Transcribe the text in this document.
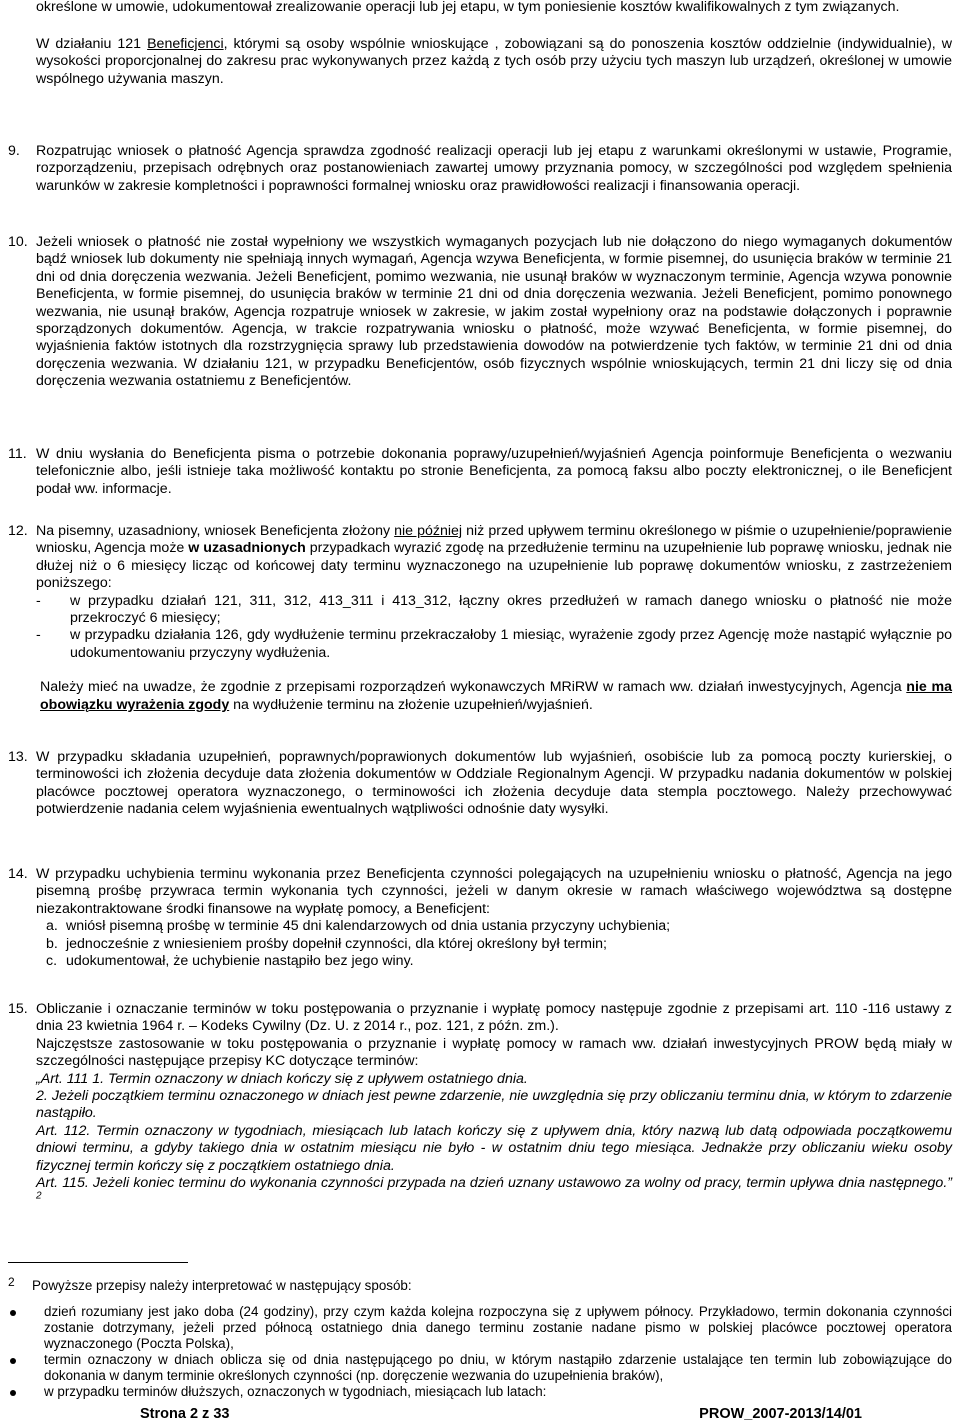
określone w umowie, udokumentował zrealizowanie operacji lub jej etapu, w tym poniesienie kosztów kwalifikowalnych z tym związanych.

W działaniu 121 Beneficjenci, którymi są osoby wspólnie wnioskujące , zobowiązani są do ponoszenia kosztów oddzielnie (indywidualnie), w wysokości proporcjonalnej do zakresu prac wykonywanych przez każdą z tych osób przy użyciu tych maszyn lub urządzeń, określonej w umowie wspólnego używania maszyn.

9.	Rozpatrując wniosek o płatność Agencja sprawdza zgodność realizacji operacji lub jej etapu z warunkami określonymi w ustawie, Programie, rozporządzeniu, przepisach odrębnych oraz postanowieniach zawartej umowy przyznania pomocy, w szczególności pod względem spełnienia warunków w zakresie kompletności i poprawności formalnej wniosku oraz prawidłowości realizacji i finansowania operacji.

10. Jeżeli wniosek o płatność nie został wypełniony we wszystkich wymaganych pozycjach lub nie dołączono do niego wymaganych dokumentów bądź wniosek lub dokumenty nie spełniają innych wymagań, Agencja wzywa Beneficjenta, w formie pisemnej, do usunięcia braków w terminie 21 dni od dnia doręczenia wezwania. Jeżeli Beneficjent, pomimo wezwania, nie usunął braków w wyznaczonym terminie, Agencja wzywa ponownie Beneficjenta, w formie pisemnej, do usunięcia braków w terminie 21 dni od dnia doręczenia wezwania. Jeżeli Beneficjent, pomimo ponownego wezwania, nie usunął braków, Agencja rozpatruje wniosek w zakresie, w jakim został wypełniony oraz na podstawie dołączonych i poprawnie sporządzonych dokumentów. Agencja, w trakcie rozpatrywania wniosku o płatność, może wzywać Beneficjenta, w formie pisemnej, do wyjaśnienia faktów istotnych dla rozstrzygnięcia sprawy lub przedstawienia dowodów na potwierdzenie tych faktów, w terminie 21 dni od dnia doręczenia wezwania. W działaniu 121, w przypadku Beneficjentów, osób fizycznych wspólnie wnioskujących, termin 21 dni liczy się od dnia doręczenia wezwania ostatniemu z Beneficjentów.

11. W dniu wysłania do Beneficjenta pisma o potrzebie dokonania poprawy/uzupełnień/wyjaśnień Agencja poinformuje Beneficjenta o wezwaniu telefonicznie albo, jeśli istnieje taka możliwość kontaktu po stronie Beneficjenta, za pomocą faksu albo poczty elektronicznej, o ile Beneficjent podał ww. informacje.

12. Na pisemny, uzasadniony, wniosek Beneficjenta złożony nie później niż przed upływem terminu określonego w piśmie o uzupełnienie/poprawienie wniosku, Agencja może w uzasadnionych przypadkach wyrazić zgodę na przedłużenie terminu na uzupełnienie lub poprawę wniosku, jednak nie dłużej niż o 6 miesięcy licząc od końcowej daty terminu wyznaczonego na uzupełnienie lub poprawę dokumentów wniosku, z zastrzeżeniem poniższego:

- w przypadku działań 121, 311, 312, 413_311 i 413_312, łączny okres przedłużeń w ramach danego wniosku o płatność nie może przekroczyć 6 miesięcy;
- w przypadku działania 126, gdy wydłużenie terminu przekraczałoby 1 miesiąc, wyrażenie zgody przez Agencję może nastąpić wyłącznie po udokumentowaniu przyczyny wydłużenia.

Należy mieć na uwadze, że zgodnie z przepisami rozporządzeń wykonawczych MRiRW w ramach ww. działań inwestycyjnych, Agencja nie ma obowiązku wyrażenia zgody na wydłużenie terminu na złożenie uzupełnień/wyjaśnień.

13. W przypadku składania uzupełnień, poprawnych/poprawionych dokumentów lub wyjaśnień, osobiście lub za pomocą poczty kurierskiej, o terminowości ich złożenia decyduje data złożenia dokumentów w Oddziale Regionalnym Agencji. W przypadku nadania dokumentów w polskiej placówce pocztowej operatora wyznaczonego, o terminowości ich złożenia decyduje data stempla pocztowego. Należy przechowywać potwierdzenie nadania celem wyjaśnienia ewentualnych wątpliwości odnośnie daty wysyłki.

14. W przypadku uchybienia terminu wykonania przez Beneficjenta czynności polegających na uzupełnieniu wniosku o płatność, Agencja na jego pisemną prośbę przywraca termin wykonania tych czynności, jeżeli w danym okresie w ramach właściwego województwa są dostępne niezakontraktowane środki finansowe na wypłatę pomocy, a Beneficjent:

a. wniósł pisemną prośbę w terminie 45 dni kalendarzowych od dnia ustania przyczyny uchybienia;
b. jednocześnie z wniesieniem prośby dopełnił czynności, dla której określony był termin;
c. udokumentował, że uchybienie nastąpiło bez jego winy.
15. Obliczanie i oznaczanie terminów w toku postępowania o przyznanie i wypłatę pomocy następuje zgodnie z przepisami art. 110 -116 ustawy z dnia 23 kwietnia 1964 r. – Kodeks Cywilny (Dz. U. z 2014 r., poz. 121, z późn. zm.).

Najczęstsze zastosowanie w toku postępowania o przyznanie i wypłatę pomocy w ramach ww. działań inwestycyjnych PROW będą miały w szczególności następujące przepisy KC dotyczące terminów:

„Art. 111 1. Termin oznaczony w dniach kończy się z upływem ostatniego dnia.

2. Jeżeli początkiem terminu oznaczonego w dniach jest pewne zdarzenie, nie uwzględnia się przy obliczaniu terminu dnia, w którym to zdarzenie nastąpiło.

Art. 112. Termin oznaczony w tygodniach, miesiącach lub latach kończy się z upływem dnia, który nazwą lub datą odpowiada początkowemu dniowi terminu, a gdyby takiego dnia w ostatnim miesiącu nie było - w ostatnim dniu tego miesiąca. Jednakże przy obliczaniu wieku osoby fizycznej termin kończy się z początkiem ostatniego dnia.

Art. 115. Jeżeli koniec terminu do wykonania czynności przypada na dzień uznany ustawowo za wolny od pracy, termin upływa dnia następnego.” $^2$

2 Powyższe przepisy należy interpretować w następujący sposób:

dzień rozumiany jest jako doba (24 godziny), przy czym każda kolejna rozpoczyna się z upływem północy. Przykładowo, termin dokonania czynności zostanie dotrzymany, jeżeli przed północą ostatniego dnia danego terminu zostanie nadane pismo w polskiej placówce pocztowej operatora wyznaczonego (Poczta Polska),
termin oznaczony w dniach oblicza się od dnia następującego po dniu, w którym nastąpiło zdarzenie ustalające ten termin lub zobowiązujące do dokonania w danym terminie określonych czynności (np. doręczenie wezwania do uzupełnienia braków),
w przypadku terminów dłuższych, oznaczonych w tygodniach, miesiącach lub latach:
Strona 2 z 33	PROW_2007-2013/14/01
